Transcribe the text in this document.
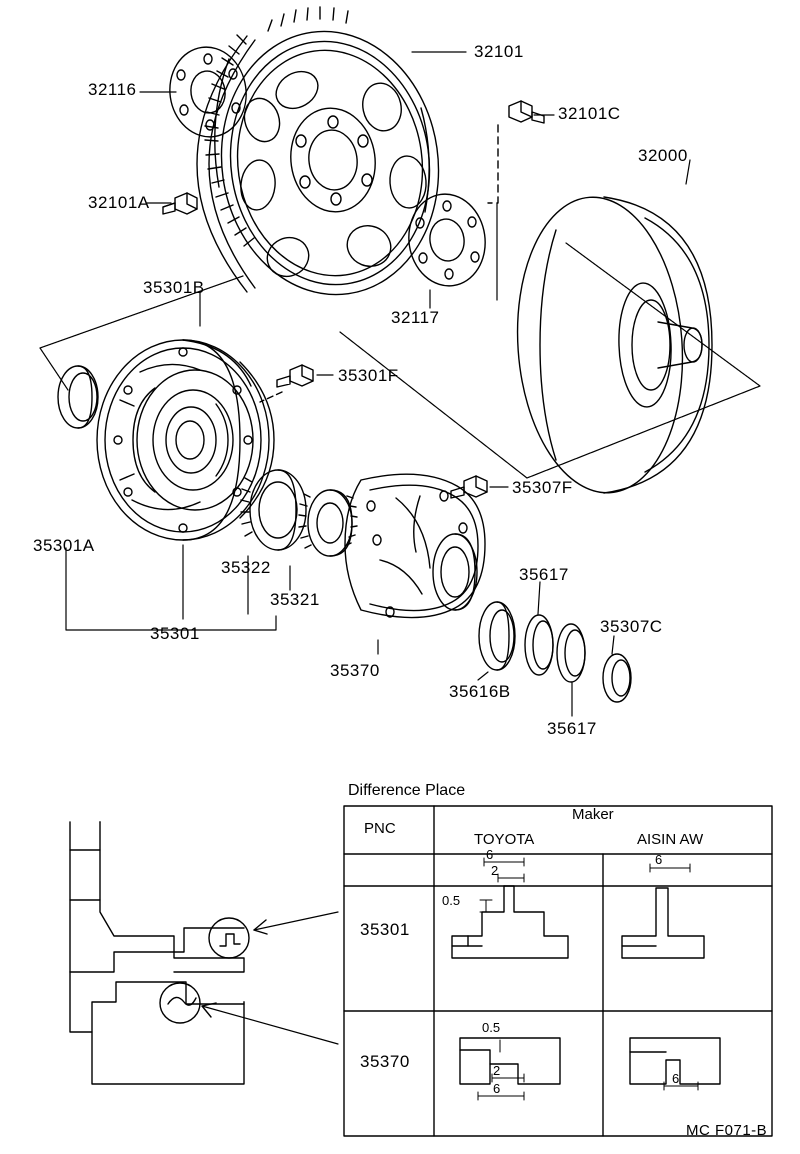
32116
32101
32101C
32000
32101A
32117
35301B
35301F
35307F
35301A
35322
35321
35301
35370
35616B
35617
35617
35307C
Difference Place
PNC
Maker
TOYOTA	AISIN AW
35301
35370
6
2
0.5
6
0.5
2
6
6
MC F071-B
